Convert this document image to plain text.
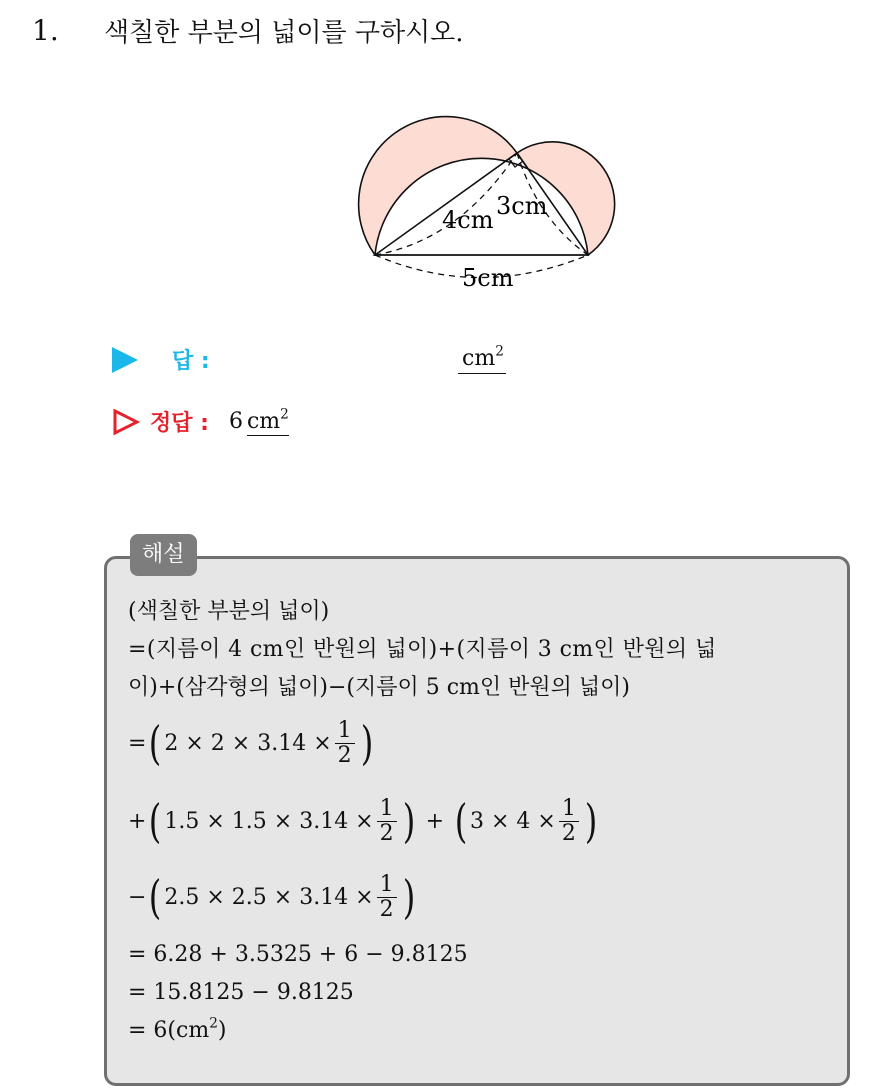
1. 색칠한 부분의 넓이를 구하시오.
4cm 3cm
5cm
답 :	$cm^2$
정답 : 6 $cm^2$
해설
(색칠한 부분의 넓이)
=(지름이 4 cm인 반원의 넓이)+(지름이 3 cm인 반원의 넓
이)+(삼각형의 넓이)−(지름이 5 cm인 반원의 넓이)
= ( $2 \times 2 \times 3.14 \times \frac{1}{2}$ )
+ ( $1.5 \times 1.5 \times 3.14 \times \frac{1}{2}$ ) + ( $3 \times 4 \times \frac{1}{2}$ )
− ( $2.5 \times 2.5 \times 3.14 \times \frac{1}{2}$ )
= 6.28 + 3.5325 + 6 − 9.8125
= 15.8125 − 9.8125
= $6(cm^2)$
